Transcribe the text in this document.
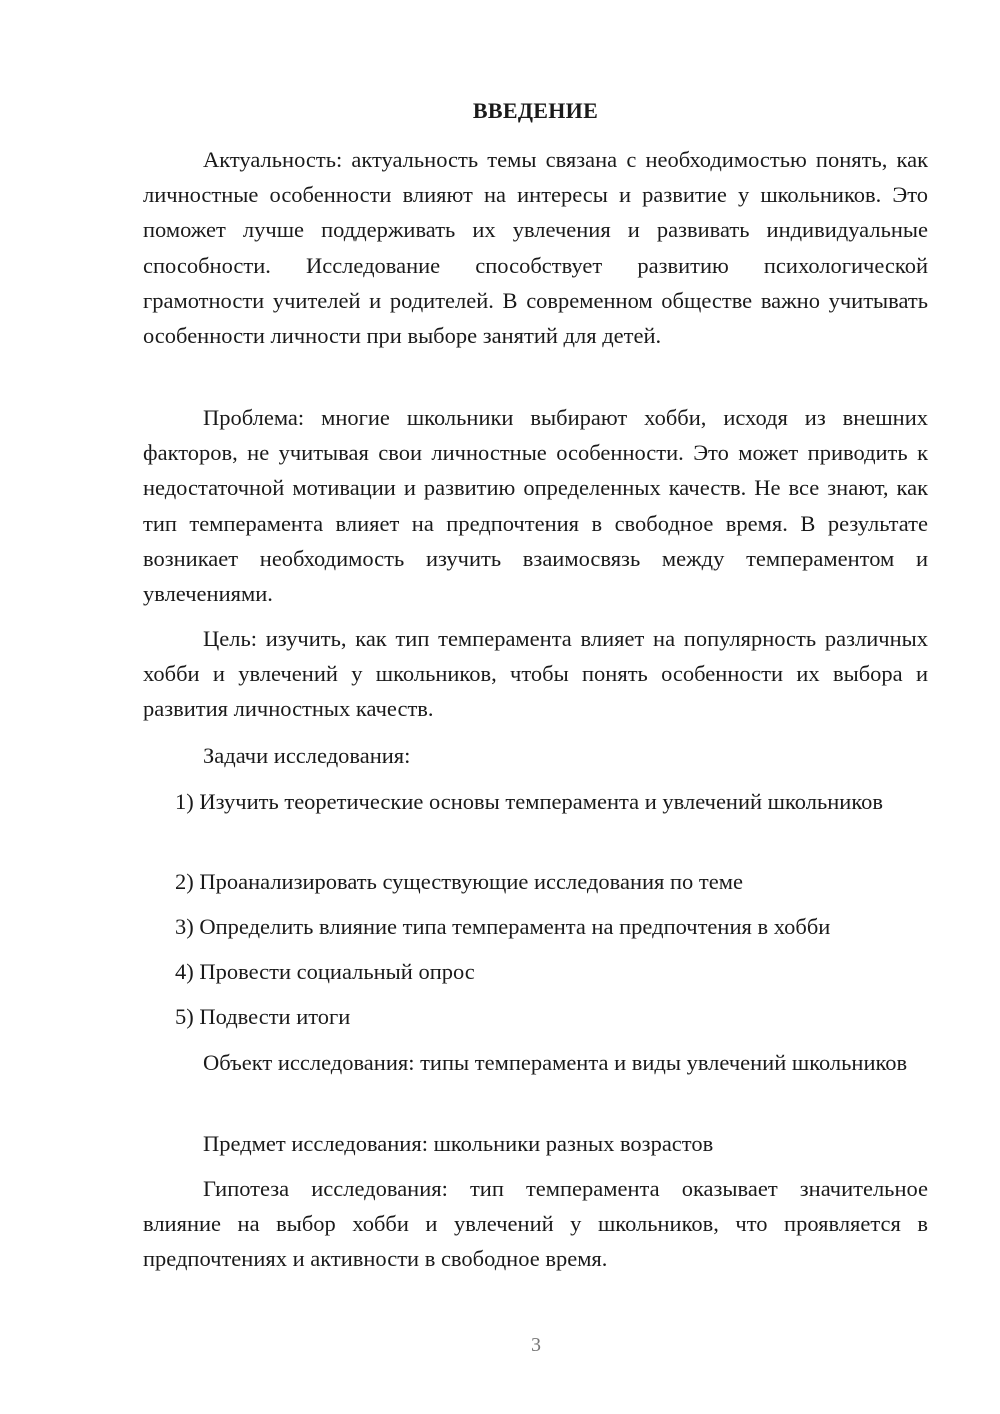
ВВЕДЕНИЕ

Актуальность: актуальность темы связана с необходимостью понять, как личностные особенности влияют на интересы и развитие у школьников. Это поможет лучше поддерживать их увлечения и развивать индивидуальные способности. Исследование способствует развитию психологической грамотности учителей и родителей. В современном обществе важно учитывать особенности личности при выборе занятий для детей.

Проблема: многие школьники выбирают хобби, исходя из внешних факторов, не учитывая свои личностные особенности. Это может приводить к недостаточной мотивации и развитию определенных качеств. Не все знают, как тип темперамента влияет на предпочтения в свободное время. В результате возникает необходимость изучить взаимосвязь между темпераментом и увлечениями.

Цель: изучить, как тип темперамента влияет на популярность различных хобби и увлечений у школьников, чтобы понять особенности их выбора и развития личностных качеств.

Задачи исследования:

1) Изучить теоретические основы темперамента и увлечений школьников

2) Проанализировать существующие исследования по теме

3) Определить влияние типа темперамента на предпочтения в хобби

4) Провести социальный опрос

5) Подвести итоги

Объект исследования: типы темперамента и виды увлечений школьников

Предмет исследования: школьники разных возрастов

Гипотеза исследования: тип темперамента оказывает значительное влияние на выбор хобби и увлечений у школьников, что проявляется в предпочтениях и активности в свободное время.

3
